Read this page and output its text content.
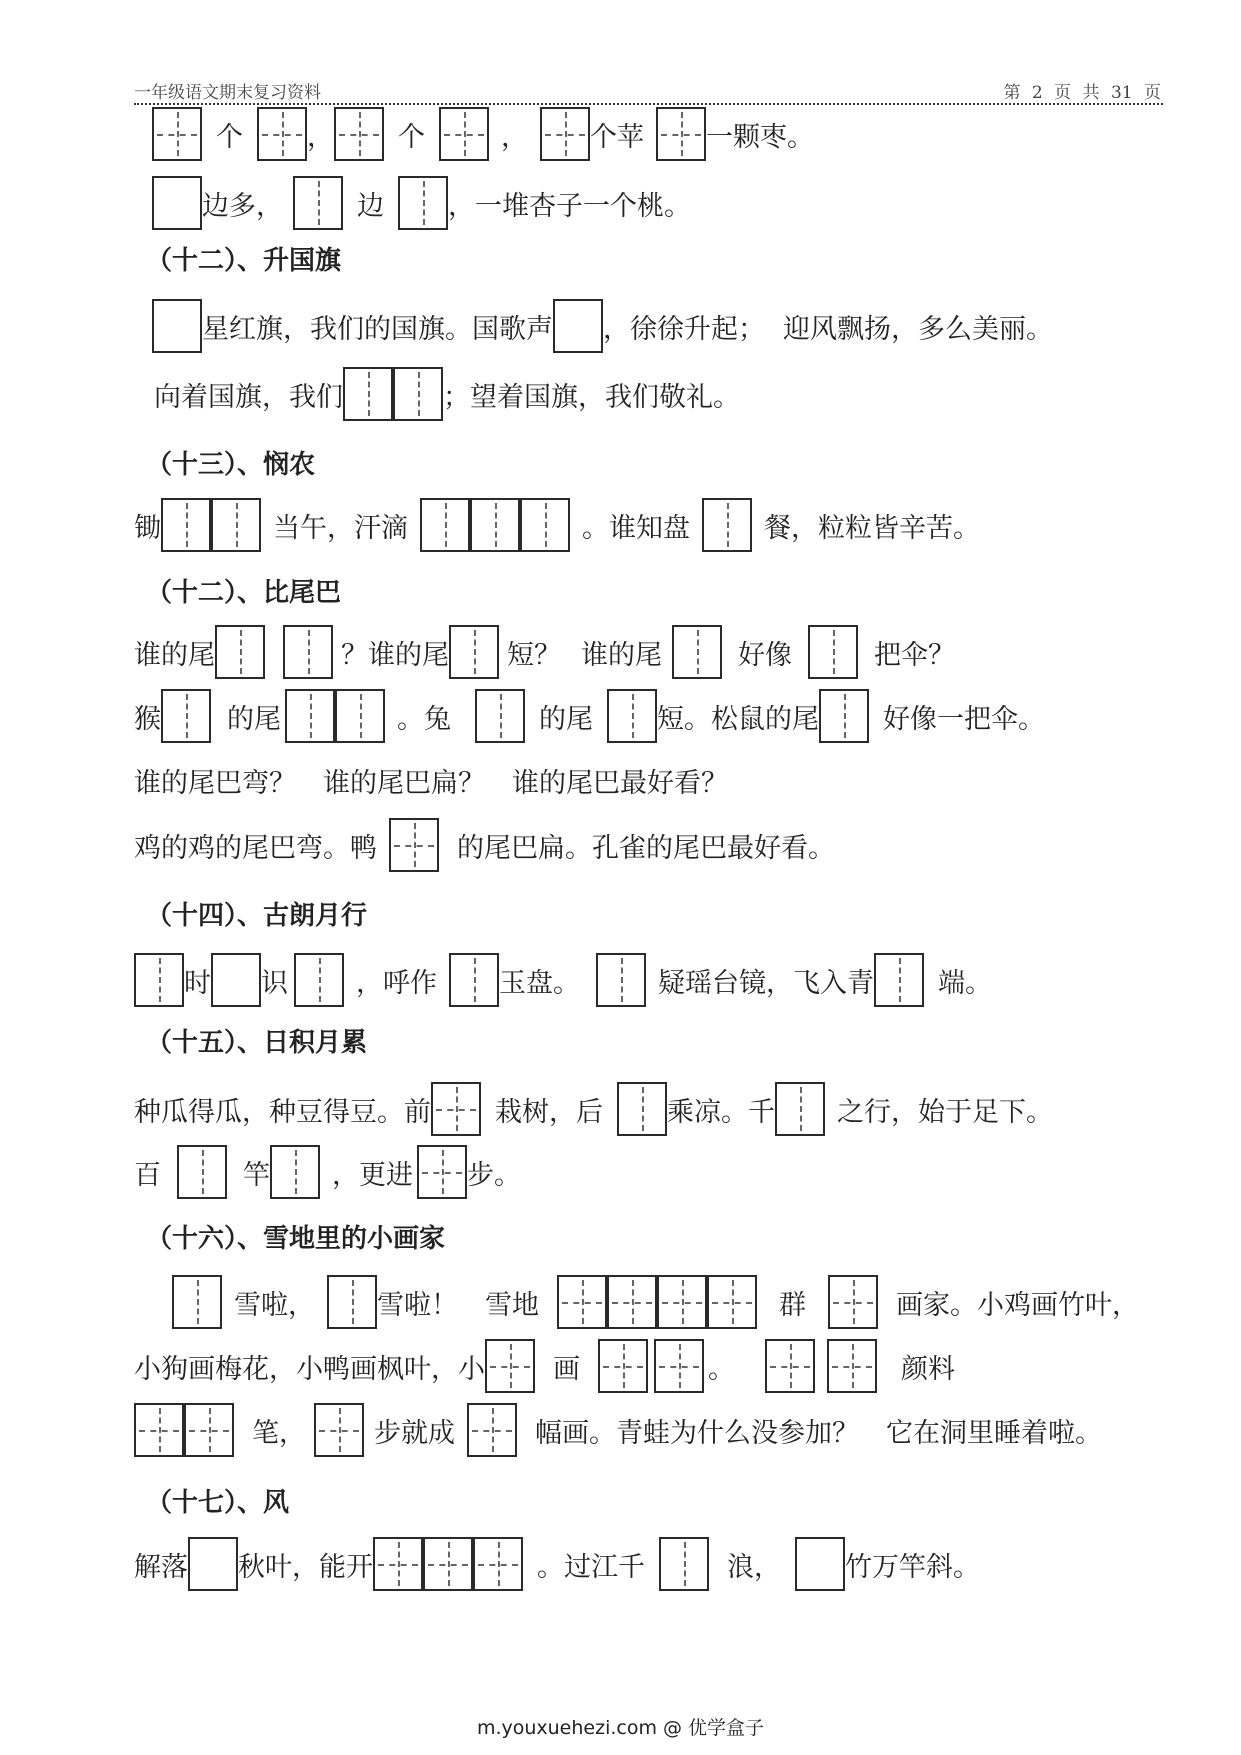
一年级语文期末复习资料	第 2 页 共 31 页
个 ， 个	， 个苹 一颗枣。
边多，	边 ，一堆杏子一个桃。
（十二）、升国旗
星红旗，我们的国旗。国歌声 ，徐徐升起； 迎风飘扬，多么美丽。
向着国旗，我们	；望着国旗，我们敬礼。
（十三）、悯农
锄	当午，汗滴	。谁知盘	餐，粒粒皆辛苦。
（十二）、比尾巴
谁的尾	？谁的尾 短？ 谁的尾	好像	把伞？
猴 的尾	。兔	的尾 短。松鼠的尾 好像一把伞。
谁的尾巴弯？　谁的尾巴扁？　谁的尾巴最好看？
鸡的鸡的尾巴弯。鸭	的尾巴扁。孔雀的尾巴最好看。
（十四）、古朗月行
时 识	，呼作 玉盘。	疑瑶台镜，飞入青 端。
（十五）、日积月累
种瓜得瓜，种豆得豆。前 栽树，后 乘凉。千 之行，始于足下。
百	竿 ，更进 步。
（十六）、雪地里的小画家
雪啦， 雪啦！　雪地	群	画家。小鸡画竹叶，
小狗画梅花，小鸭画枫叶，小	画	。	颜料
笔，	步就成	幅画。青蛙为什么没参加？　它在洞里睡着啦。
（十七）、风
解落 秋叶，能开	。过江千	浪， 竹万竿斜。
m.youxuehezi.com @ 优学盒子
